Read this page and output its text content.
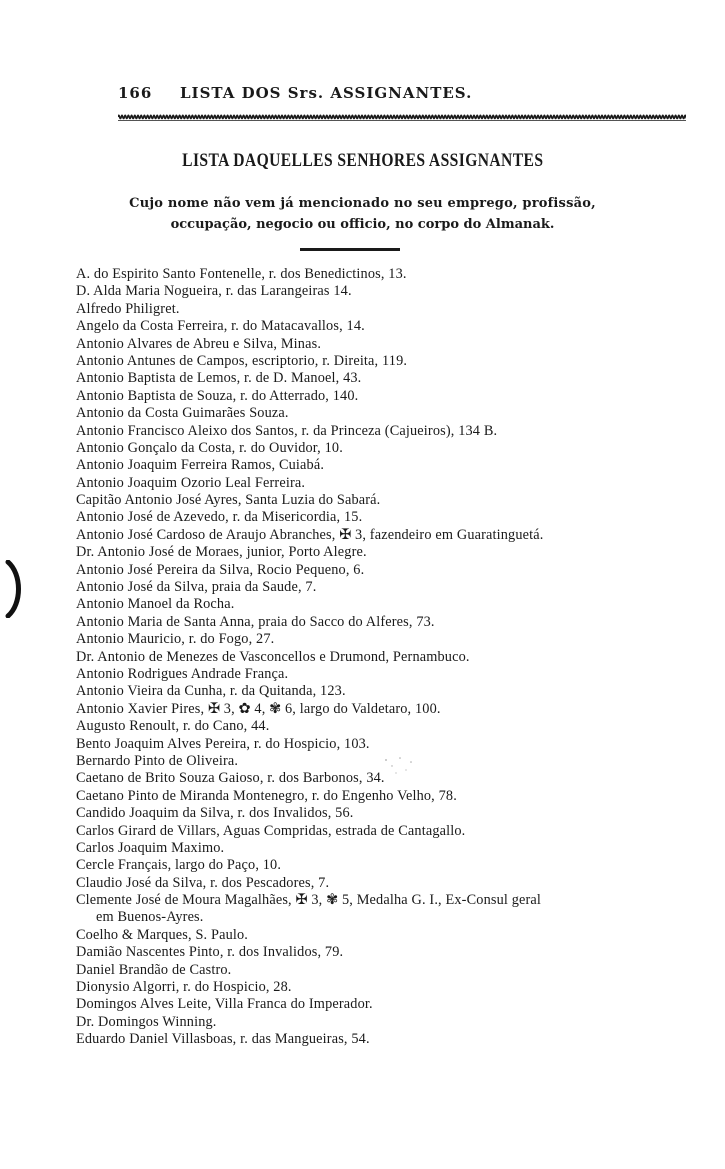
166 LISTA DOS Srs. ASSIGNANTES.
LISTA DAQUELLES SENHORES ASSIGNANTES
Cujo nome não vem já mencionado no seu emprego, profissão,
occupação, negocio ou officio, no corpo do Almanak.
A. do Espirito Santo Fontenelle, r. dos Benedictinos, 13.
D. Alda Maria Nogueira, r. das Larangeiras 14.
Alfredo Philigret.
Angelo da Costa Ferreira, r. do Matacavallos, 14.
Antonio Alvares de Abreu e Silva, Minas.
Antonio Antunes de Campos, escriptorio, r. Direita, 119.
Antonio Baptista de Lemos, r. de D. Manoel, 43.
Antonio Baptista de Souza, r. do Atterrado, 140.
Antonio da Costa Guimarães Souza.
Antonio Francisco Aleixo dos Santos, r. da Princeza (Cajueiros), 134 B.
Antonio Gonçalo da Costa, r. do Ouvidor, 10.
Antonio Joaquim Ferreira Ramos, Cuiabá.
Antonio Joaquim Ozorio Leal Ferreira.
Capitão Antonio José Ayres, Santa Luzia do Sabará.
Antonio José de Azevedo, r. da Misericordia, 15.
Antonio José Cardoso de Araujo Abranches, ✠ 3, fazendeiro em Guaratinguetá.
Dr. Antonio José de Moraes, junior, Porto Alegre.
Antonio José Pereira da Silva, Rocio Pequeno, 6.
Antonio José da Silva, praia da Saude, 7.
Antonio Manoel da Rocha.
Antonio Maria de Santa Anna, praia do Sacco do Alferes, 73.
Antonio Mauricio, r. do Fogo, 27.
Dr. Antonio de Menezes de Vasconcellos e Drumond, Pernambuco.
Antonio Rodrigues Andrade França.
Antonio Vieira da Cunha, r. da Quitanda, 123.
Antonio Xavier Pires, ✠ 3, ✿ 4, ✾ 6, largo do Valdetaro, 100.
Augusto Renoult, r. do Cano, 44.
Bento Joaquim Alves Pereira, r. do Hospicio, 103.
Bernardo Pinto de Oliveira.
Caetano de Brito Souza Gaioso, r. dos Barbonos, 34.
Caetano Pinto de Miranda Montenegro, r. do Engenho Velho, 78.
Candido Joaquim da Silva, r. dos Invalidos, 56.
Carlos Girard de Villars, Aguas Compridas, estrada de Cantagallo.
Carlos Joaquim Maximo.
Cercle Français, largo do Paço, 10.
Claudio José da Silva, r. dos Pescadores, 7.
Clemente José de Moura Magalhães, ✠ 3, ✾ 5, Medalha G. I., Ex-Consul geral
em Buenos-Ayres.
Coelho & Marques, S. Paulo.
Damião Nascentes Pinto, r. dos Invalidos, 79.
Daniel Brandão de Castro.
Dionysio Algorri, r. do Hospicio, 28.
Domingos Alves Leite, Villa Franca do Imperador.
Dr. Domingos Winning.
Eduardo Daniel Villasboas, r. das Mangueiras, 54.
